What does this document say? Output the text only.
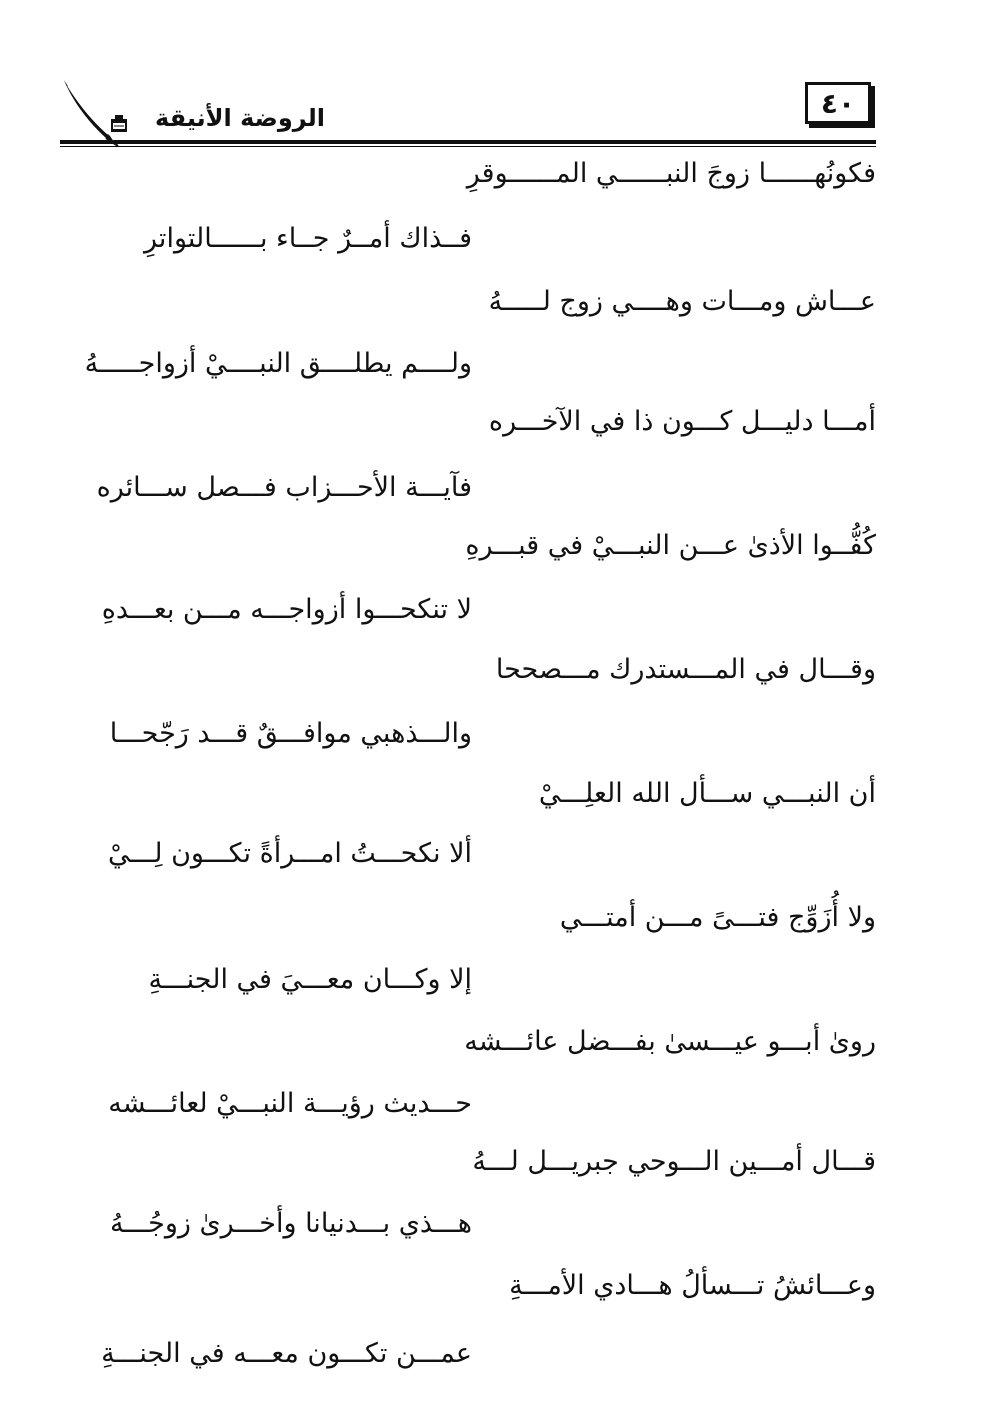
الروضة الأنيقة	٤٠
فكونُهــــــا زوجَ النبــــــي المــــــوقرِ
فــذاك أمــرٌ جــاء بــــــالتواترِ
عـــاش ومـــات وهــــي زوج لـــــهُ
ولــــم يطلــــق النبــــيْ أزواجـــــهُ
أمـــا دليـــل كـــون ذا في الآخـــره
فآيـــة الأحـــزاب فـــصل ســـائره
كُفُّــوا الأذىٰ عـــن النبـــيْ في قبـــرهِ
لا تنكحـــوا أزواجـــه مـــن بعـــدهِ
وقـــال في المـــستدرك مـــصححا
والـــذهبي موافـــقٌ قـــد رَجّحـــا
أن النبـــي ســـأل الله العلِـــيْ
ألا نكحـــتُ امـــرأةً تكـــون لِـــيْ
ولا أُزَوِّج فتـــىً مـــن أمتـــي
إلا وكـــان معـــيَ في الجنـــةِ
روىٰ أبـــو عيـــسىٰ بفـــضل عائـــشه
حـــديث رؤيـــة النبـــيْ لعائـــشه
قـــال أمـــين الـــوحي جبريـــل لـــهُ
هـــذي بـــدنيانا وأخـــرىٰ زوجُـــهُ
وعـــائشُ تـــسألُ هـــادي الأمـــةِ
عمـــن تكـــون معـــه في الجنـــةِ
